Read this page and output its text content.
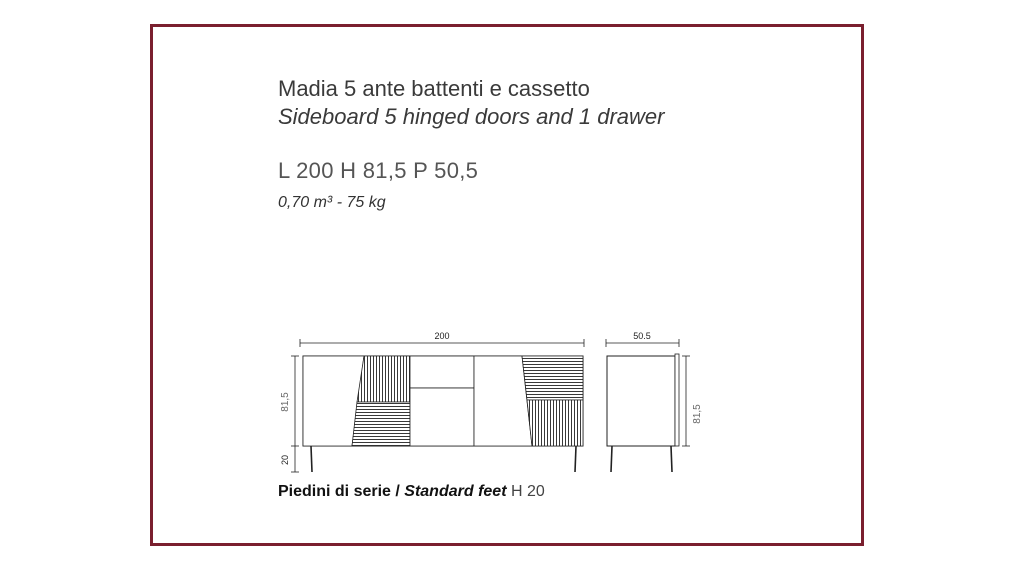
Madia 5 ante battenti e cassetto
Sideboard 5 hinged doors and 1 drawer
L 200 H 81,5 P 50,5
0,70 m³ - 75 kg
200
81,5
20
50.5
81,5
Piedini di serie / Standard feet H 20
